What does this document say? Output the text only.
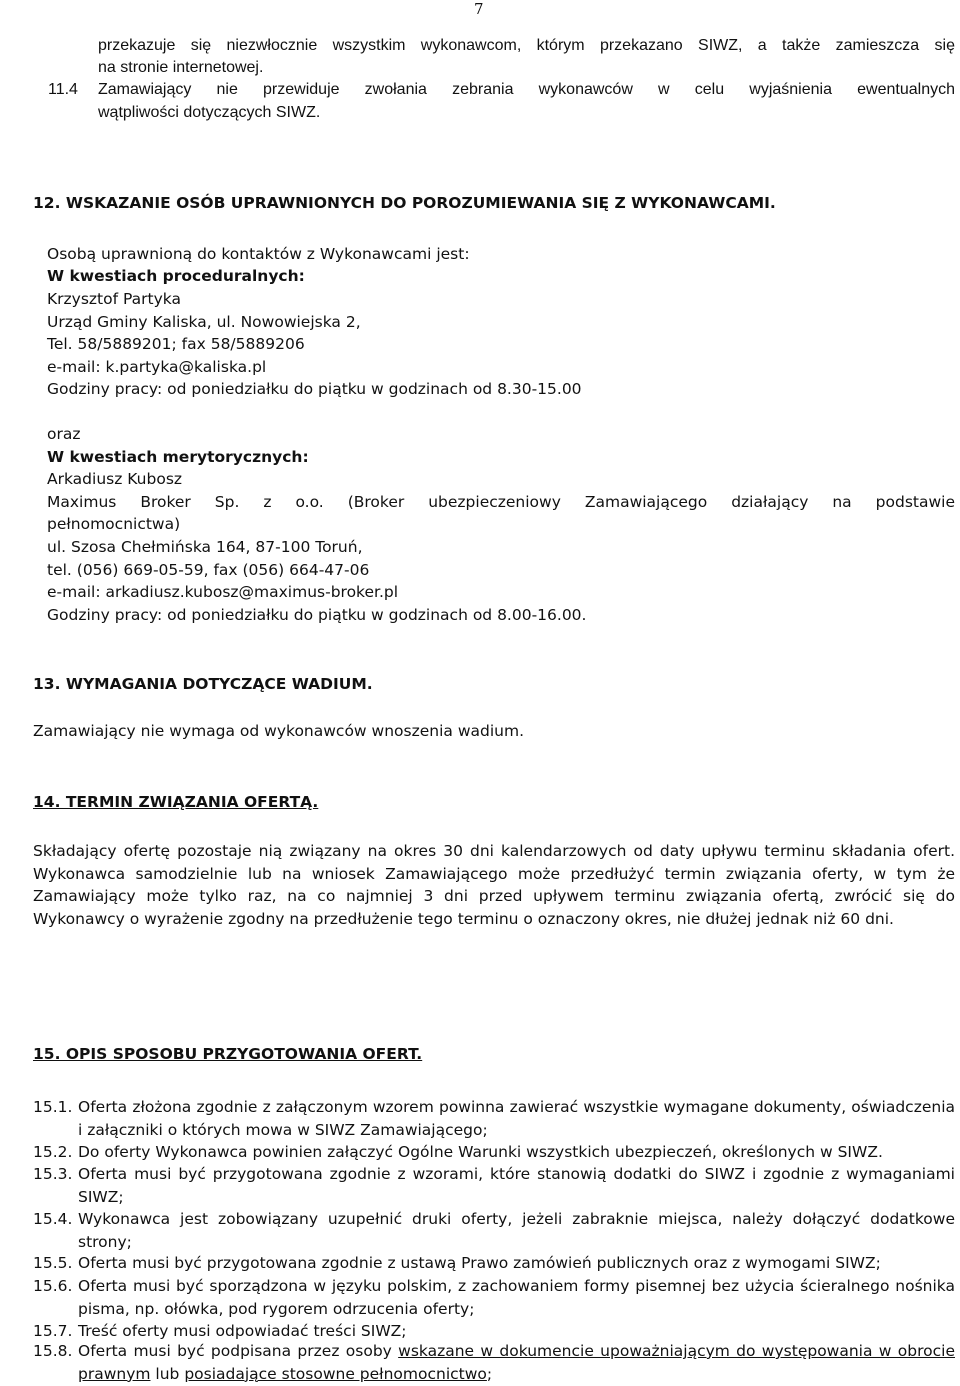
7
przekazuje się niezwłocznie wszystkim wykonawcom, którym przekazano SIWZ, a także zamieszcza się
na stronie internetowej.
11.4 Zamawiający nie przewiduje zwołania zebrania wykonawców w celu wyjaśnienia ewentualnych
wątpliwości dotyczących SIWZ.
12. WSKAZANIE OSÓB UPRAWNIONYCH DO POROZUMIEWANIA SIĘ Z WYKONAWCAMI.
Osobą uprawnioną do kontaktów z Wykonawcami jest:
W kwestiach proceduralnych:
Krzysztof Partyka
Urząd Gminy Kaliska, ul. Nowowiejska 2,
Tel. 58/5889201; fax 58/5889206
e-mail: k.partyka@kaliska.pl
Godziny pracy: od poniedziałku do piątku w godzinach od 8.30-15.00
oraz
W kwestiach merytorycznych:
Arkadiusz Kubosz
Maximus Broker Sp. z o.o. (Broker ubezpieczeniowy Zamawiającego działający na podstawie
pełnomocnictwa)
ul. Szosa Chełmińska 164, 87-100 Toruń,
tel. (056) 669-05-59, fax (056) 664-47-06
e-mail: arkadiusz.kubosz@maximus-broker.pl
Godziny pracy: od poniedziałku do piątku w godzinach od 8.00-16.00.
13. WYMAGANIA DOTYCZĄCE WADIUM.
Zamawiający nie wymaga od wykonawców wnoszenia wadium.
14. TERMIN ZWIĄZANIA OFERTĄ.
Składający ofertę pozostaje nią związany na okres 30 dni kalendarzowych od daty upływu terminu składania ofert. Wykonawca samodzielnie lub na wniosek Zamawiającego może przedłużyć termin związania oferty, w tym że Zamawiający może tylko raz, na co najmniej 3 dni przed upływem terminu związania ofertą, zwrócić się do Wykonawcy o wyrażenie zgodny na przedłużenie tego terminu o oznaczony okres, nie dłużej jednak niż 60 dni.
15. OPIS SPOSOBU PRZYGOTOWANIA OFERT.
15.1. Oferta złożona zgodnie z załączonym wzorem powinna zawierać wszystkie wymagane dokumenty, oświadczenia i załączniki o których mowa w SIWZ Zamawiającego;
15.2. Do oferty Wykonawca powinien załączyć Ogólne Warunki wszystkich ubezpieczeń, określonych w SIWZ.
15.3. Oferta musi być przygotowana zgodnie z wzorami, które stanowią dodatki do SIWZ i zgodnie z wymaganiami SIWZ;
15.4. Wykonawca jest zobowiązany uzupełnić druki oferty, jeżeli zabraknie miejsca, należy dołączyć dodatkowe strony;
15.5. Oferta musi być przygotowana zgodnie z ustawą Prawo zamówień publicznych oraz z wymogami SIWZ;
15.6. Oferta musi być sporządzona w języku polskim, z zachowaniem formy pisemnej bez użycia ścieralnego nośnika pisma, np. ołówka, pod rygorem odrzucenia oferty;
15.7. Treść oferty musi odpowiadać treści SIWZ;
15.8. Oferta musi być podpisana przez osoby wskazane w dokumencie upoważniającym do występowania w obrocie prawnym lub posiadające stosowne pełnomocnictwo;
